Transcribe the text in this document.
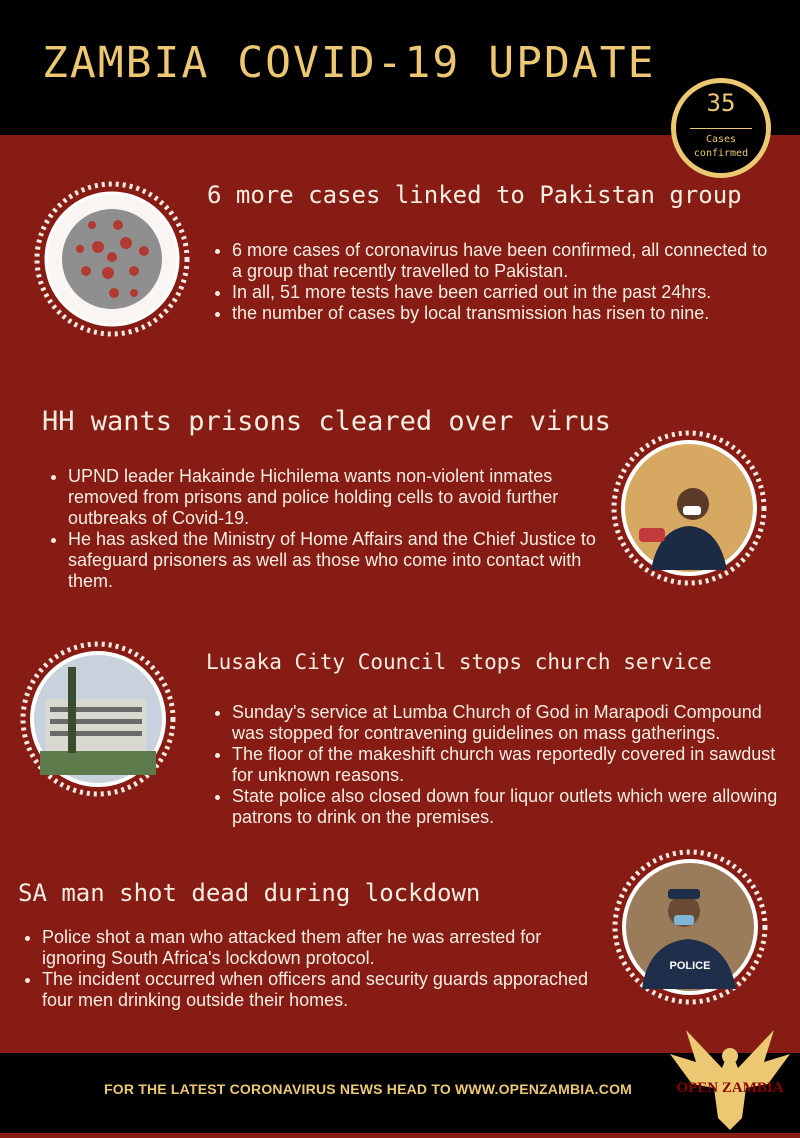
ZAMBIA COVID-19 UPDATE
35
Cases
confirmed
6 more cases linked to Pakistan group
• 6 more cases of coronavirus have been confirmed, all connected to a group that recently travelled to Pakistan.
• In all, 51 more tests have been carried out in the past 24hrs.
• the number of cases by local transmission has risen to nine.
HH wants prisons cleared over virus
• UPND leader Hakainde Hichilema wants non-violent inmates removed from prisons and police holding cells to avoid further outbreaks of Covid-19.
• He has asked the Ministry of Home Affairs and the Chief Justice to safeguard prisoners as well as those who come into contact with them.
Lusaka City Council stops church service
• Sunday's service at Lumba Church of God in Marapodi Compound was stopped for contravening guidelines on mass gatherings.
• The floor of the makeshift church was reportedly covered in sawdust for unknown reasons.
• State police also closed down four liquor outlets which were allowing patrons to drink on the premises.
SA man shot dead during lockdown
• Police shot a man who attacked them after he was arrested for ignoring South Africa's lockdown protocol.
• The incident occurred when officers and security guards apporached four men drinking outside their homes.
POLICE
FOR THE LATEST CORONAVIRUS NEWS HEAD TO WWW.OPENZAMBIA.COM	OPEN ZAMBIA
